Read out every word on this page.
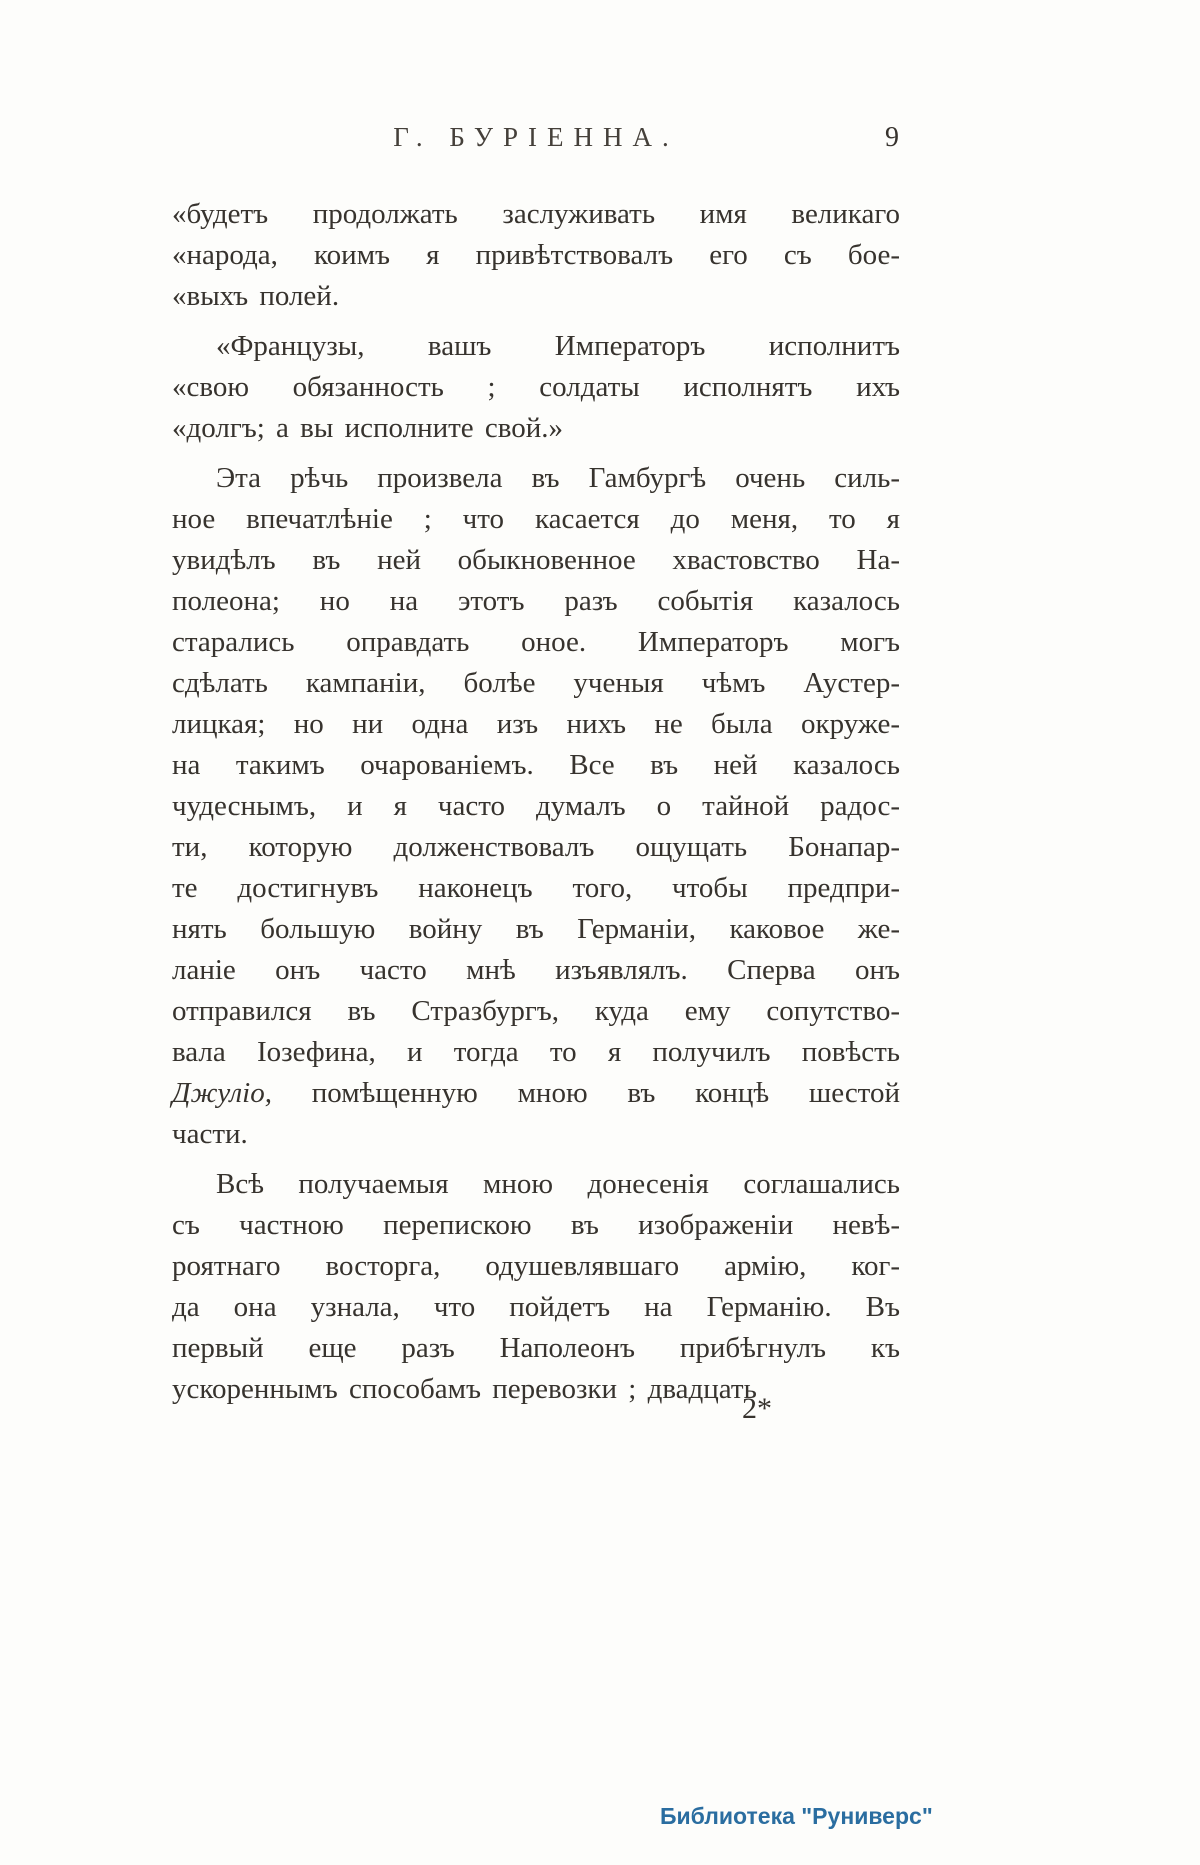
Г. БУРІЕННА.	9
«будетъ продолжать заслуживать имя великаго
«народа, коимъ я привѣтствовалъ его съ бое-
«выхъ полей.
«Французы, вашъ Императоръ исполнитъ
«свою обязанность ; солдаты исполнятъ ихъ
«долгъ; а вы исполните свой.»
Эта рѣчь произвела въ Гамбургѣ очень силь-
ное впечатлѣніе ; что касается до меня, то я
увидѣлъ въ ней обыкновенное хвастовство На-
полеона; но на этотъ разъ событія казалось
старались оправдать оное. Императоръ могъ
сдѣлать кампаніи, болѣе ученыя чѣмъ Аустер-
лицкая; но ни одна изъ нихъ не была окруже-
на такимъ очарованіемъ. Все въ ней казалось
чудеснымъ, и я часто думалъ о тайной радос-
ти, которую долженствовалъ ощущать Бонапар-
те достигнувъ наконецъ того, чтобы предпри-
нять большую войну въ Германіи, каковое же-
ланіе онъ часто мнѣ изъявлялъ. Сперва онъ
отправился въ Стразбургъ, куда ему сопутство-
вала Іозефина, и тогда то я получилъ повѣсть
Джуліо, помѣщенную мною въ концѣ шестой
части.
Всѣ получаемыя мною донесенія соглашались
съ частною перепискою въ изображеніи невѣ-
роятнаго восторга, одушевлявшаго армію, ког-
да она узнала, что пойдетъ на Германію. Въ
первый еще разъ Наполеонъ прибѣгнулъ къ
ускореннымъ способамъ перевозки ; двадцать
2*
Библиотека "Руниверс"
